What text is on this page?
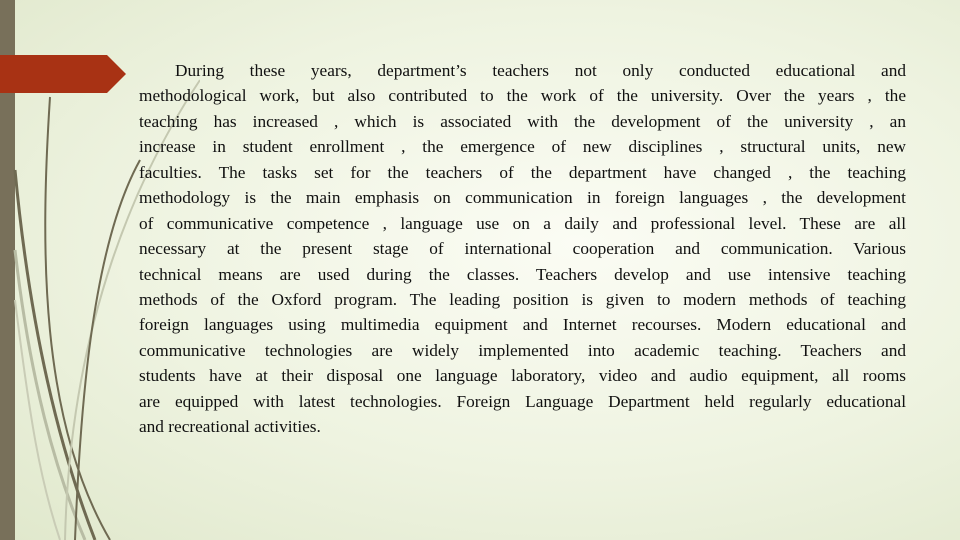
During these years, department’s teachers not only conducted educational and
methodological work, but also contributed to the work of the university. Over the years , the
teaching has increased , which is associated with the development of the university , an
increase in student enrollment , the emergence of new disciplines , structural units, new
faculties. The tasks set for the teachers of the department have changed , the teaching
methodology is the main emphasis on communication in foreign languages , the development
of communicative competence , language use on a daily and professional level. These are all
necessary at the present stage of international cooperation and communication. Various
technical means are used during the classes. Teachers develop and use intensive teaching
methods of the Oxford program. The leading position is given to modern methods of teaching
foreign languages using multimedia equipment and Internet recourses. Modern educational and
communicative technologies are widely implemented into academic teaching. Teachers and
students have at their disposal one language laboratory, video and audio equipment, all rooms
are equipped with latest technologies. Foreign Language Department held regularly educational
and recreational activities.
